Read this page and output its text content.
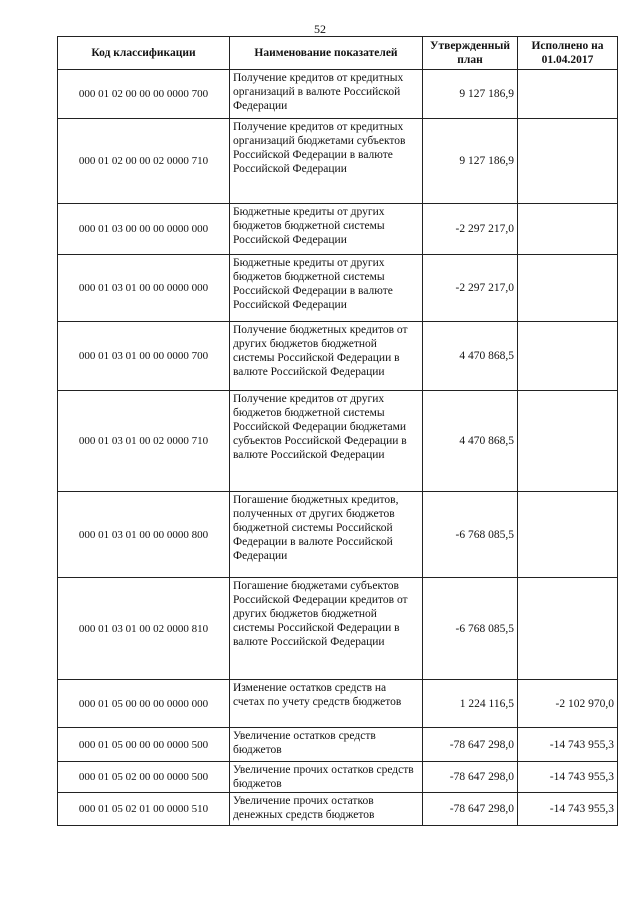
52
Код классификации	Наименование показателей	Утвержденный план	Исполнено на 01.04.2017
000 01 02 00 00 00 0000 700	Получение кредитов от кредитных организаций в валюте Российской Федерации	9 127 186,9	
000 01 02 00 00 02 0000 710	Получение кредитов от кредитных организаций бюджетами субъектов Российской Федерации в валюте Российской Федерации	9 127 186,9	
000 01 03 00 00 00 0000 000	Бюджетные кредиты от других бюджетов бюджетной системы Российской Федерации	-2 297 217,0	
000 01 03 01 00 00 0000 000	Бюджетные кредиты от других бюджетов бюджетной системы Российской Федерации в валюте Российской Федерации	-2 297 217,0	
000 01 03 01 00 00 0000 700	Получение бюджетных кредитов от других бюджетов бюджетной системы Российской Федерации в валюте Российской Федерации	4 470 868,5	
000 01 03 01 00 02 0000 710	Получение кредитов от других бюджетов бюджетной системы Российской Федерации бюджетами субъектов Российской Федерации в валюте Российской Федерации	4 470 868,5	
000 01 03 01 00 00 0000 800	Погашение бюджетных кредитов, полученных от других бюджетов бюджетной системы Российской Федерации в валюте Российской Федерации	-6 768 085,5	
000 01 03 01 00 02 0000 810	Погашение бюджетами субъектов Российской Федерации кредитов от других бюджетов бюджетной системы Российской Федерации в валюте Российской Федерации	-6 768 085,5	
000 01 05 00 00 00 0000 000	Изменение остатков средств на счетах по учету средств бюджетов	1 224 116,5	-2 102 970,0
000 01 05 00 00 00 0000 500	Увеличение остатков средств бюджетов	-78 647 298,0	-14 743 955,3
000 01 05 02 00 00 0000 500	Увеличение прочих остатков средств бюджетов	-78 647 298,0	-14 743 955,3
000 01 05 02 01 00 0000 510	Увеличение прочих остатков денежных средств бюджетов	-78 647 298,0	-14 743 955,3
